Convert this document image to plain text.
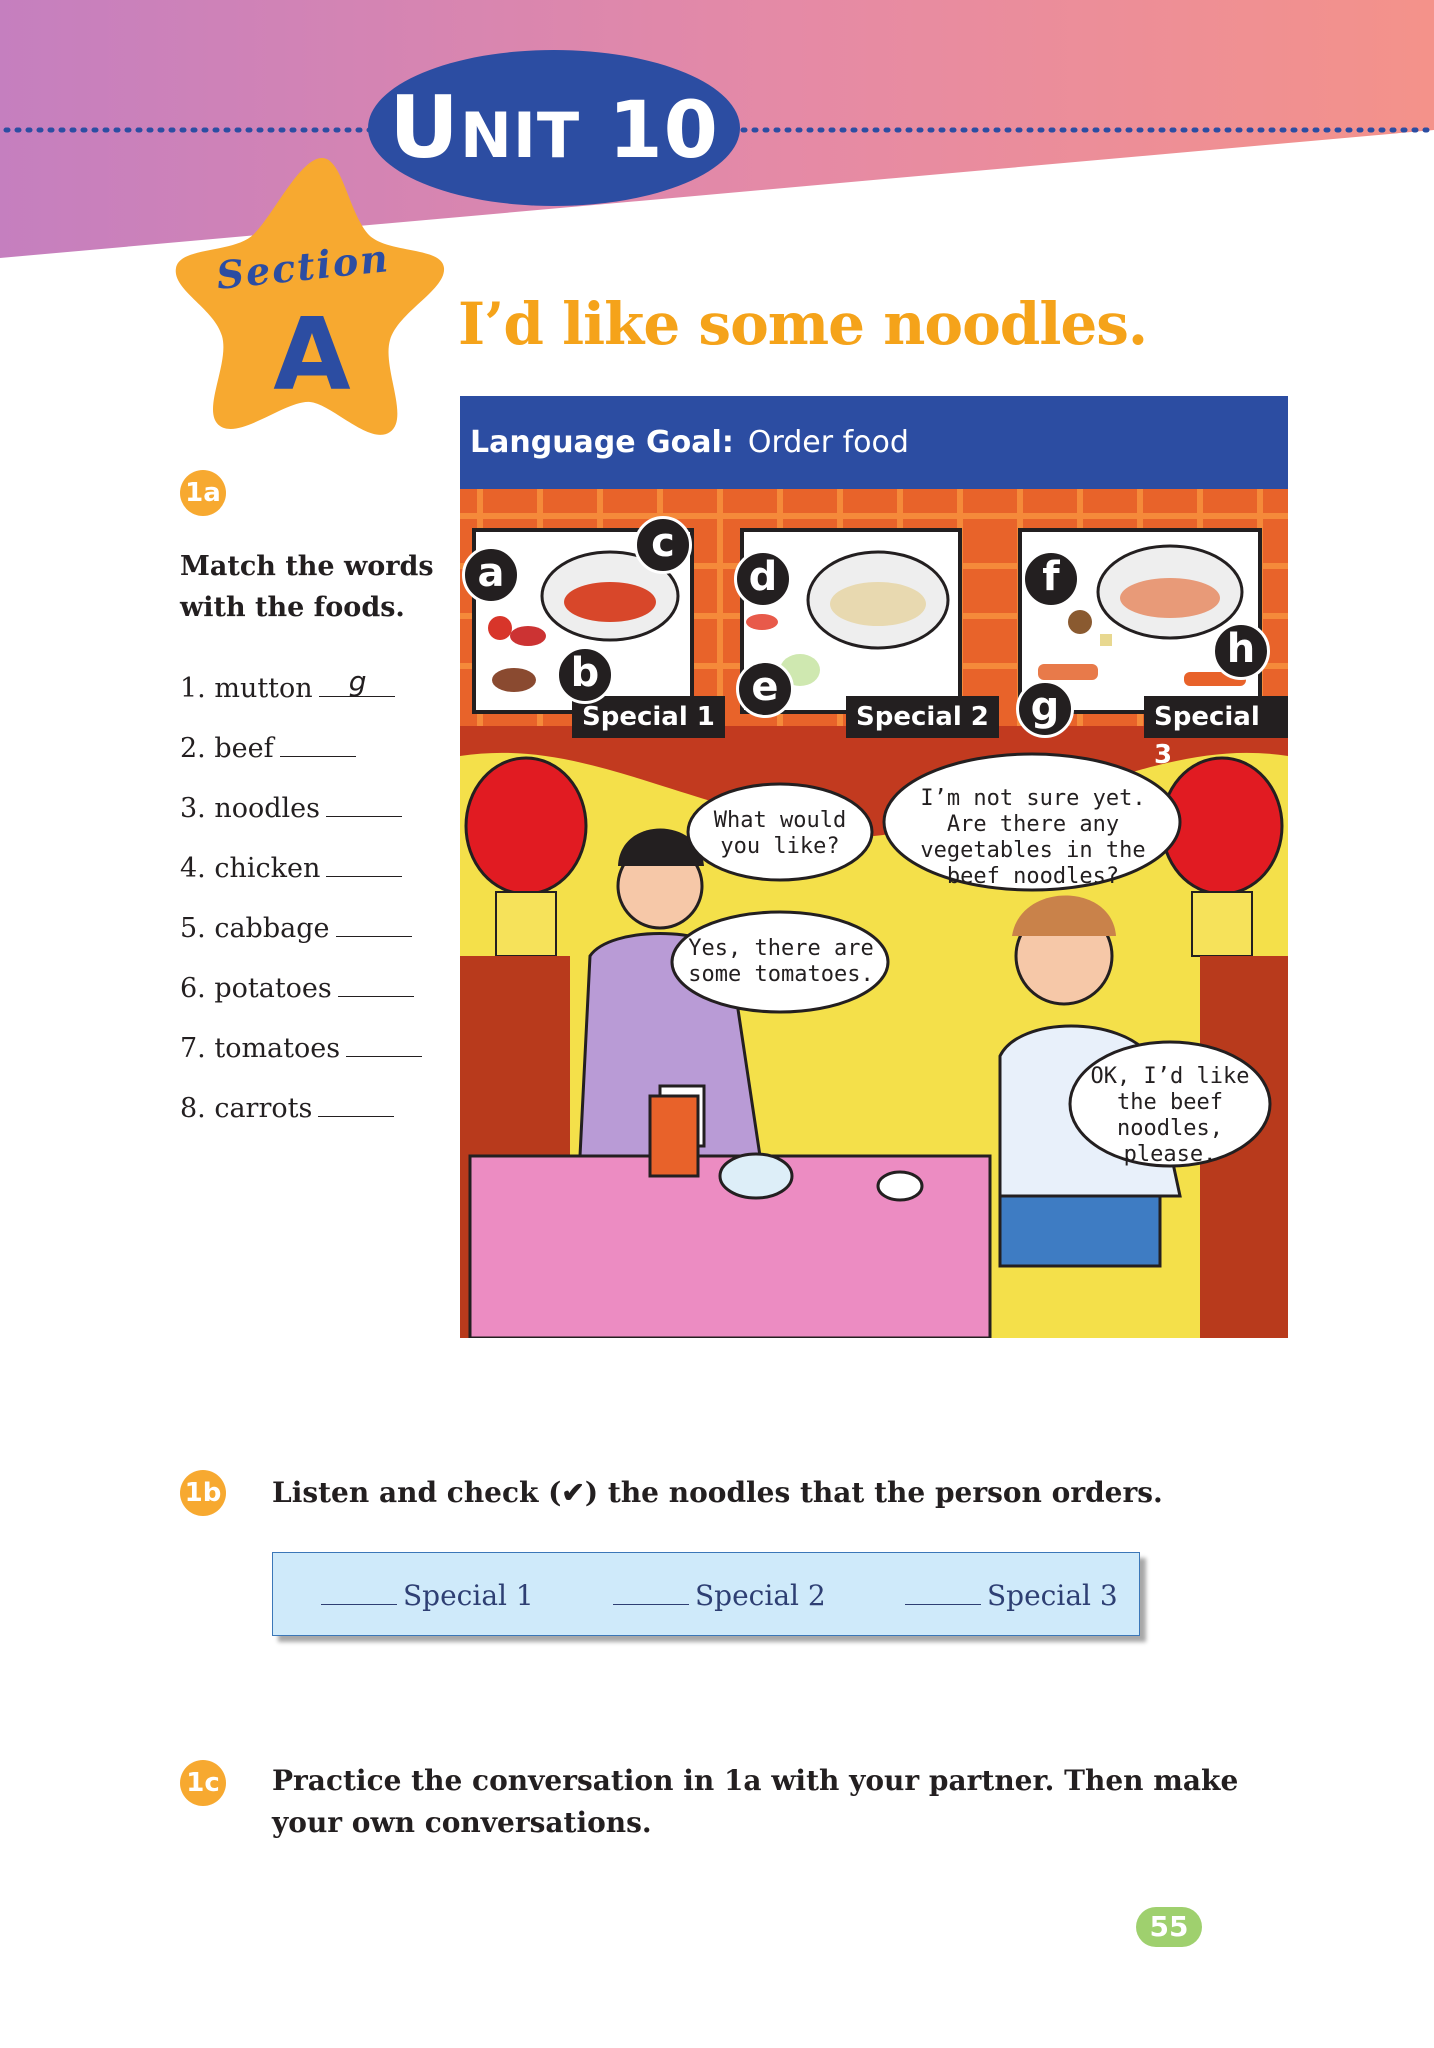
UNIT 10
Section
A I’d like some noodles.
1a
Match the words with the foods.
1. mutton g
2. beef
3. noodles
4. chicken
5. cabbage
6. potatoes
7. tomatoes
8. carrots
Language Goal: Order food
Special 1	Special 2	Special 3
a
b
c
d
e
f
g
h
What would you like?
I’m not sure yet. Are there any vegetables in the beef noodles?
Yes, there are some tomatoes.
OK, I’d like the beef noodles, please.
1b Listen and check (✔) the noodles that the person orders.
Special 1	Special 2	Special 3
1c Practice the conversation in 1a with your partner. Then make your own conversations.
55
